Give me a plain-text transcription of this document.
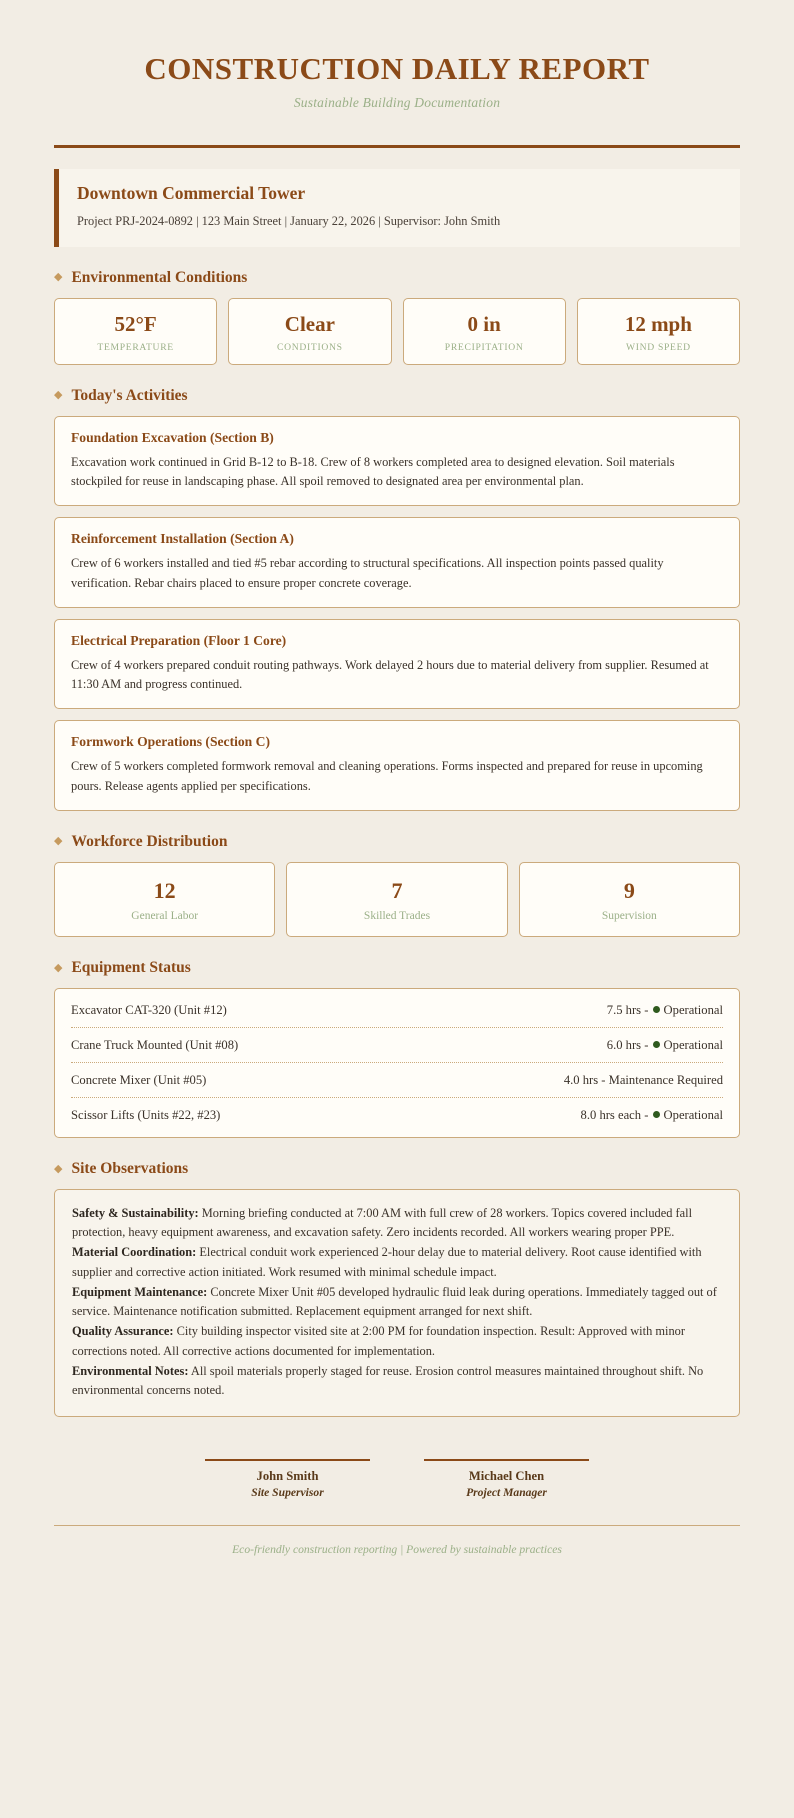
CONSTRUCTION DAILY REPORT

Sustainable Building Documentation

Downtown Commercial Tower
Project PRJ-2024-0892 | 123 Main Street | January 22, 2026 | Supervisor: John Smith
◆ Environmental Conditions
52°F
TEMPERATURE
Clear
CONDITIONS
0 in
PRECIPITATION
12 mph
WIND SPEED
◆ Today's Activities
Foundation Excavation (Section B)

Excavation work continued in Grid B-12 to B-18. Crew of 8 workers completed area to designed elevation. Soil materials stockpiled for reuse in landscaping phase. All spoil removed to designated area per environmental plan.

Reinforcement Installation (Section A)

Crew of 6 workers installed and tied #5 rebar according to structural specifications. All inspection points passed quality verification. Rebar chairs placed to ensure proper concrete coverage.

Electrical Preparation (Floor 1 Core)

Crew of 4 workers prepared conduit routing pathways. Work delayed 2 hours due to material delivery from supplier. Resumed at 11:30 AM and progress continued.

Formwork Operations (Section C)

Crew of 5 workers completed formwork removal and cleaning operations. Forms inspected and prepared for reuse in upcoming pours. Release agents applied per specifications.

◆ Workforce Distribution
12
General Labor
7
Skilled Trades
9
Supervision
◆ Equipment Status
Excavator CAT-320 (Unit #12)	7.5 hrs - Operational
Crane Truck Mounted (Unit #08)	6.0 hrs - Operational
Concrete Mixer (Unit #05)	4.0 hrs - Maintenance Required
Scissor Lifts (Units #22, #23)	8.0 hrs each - Operational
◆ Site Observations

Safety & Sustainability: Morning briefing conducted at 7:00 AM with full crew of 28 workers. Topics covered included fall protection, heavy equipment awareness, and excavation safety. Zero incidents recorded. All workers wearing proper PPE.

Material Coordination: Electrical conduit work experienced 2-hour delay due to material delivery. Root cause identified with supplier and corrective action initiated. Work resumed with minimal schedule impact.

Equipment Maintenance: Concrete Mixer Unit #05 developed hydraulic fluid leak during operations. Immediately tagged out of service. Maintenance notification submitted. Replacement equipment arranged for next shift.

Quality Assurance: City building inspector visited site at 2:00 PM for foundation inspection. Result: Approved with minor corrections noted. All corrective actions documented for implementation.

Environmental Notes: All spoil materials properly staged for reuse. Erosion control measures maintained throughout shift. No environmental concerns noted.

John Smith
Site Supervisor
Michael Chen
Project Manager
Eco-friendly construction reporting | Powered by sustainable practices
